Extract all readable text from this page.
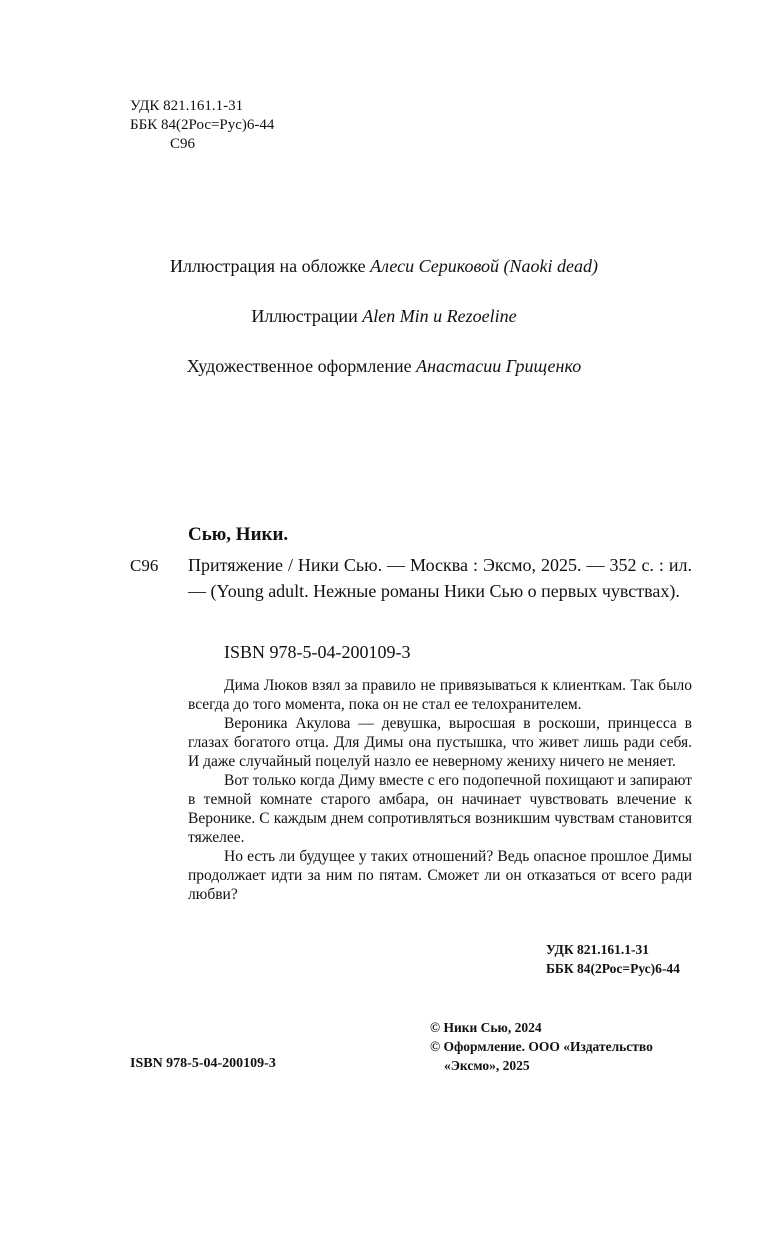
УДК 821.161.1-31
ББК 84(2Рос=Рус)6-44
С96
Иллюстрация на обложке Алеси Сериковой (Naoki dead)
Иллюстрации Alen Min и Rezoeline
Художественное оформление Анастасии Грищенко
Сью, Ники.
С96 Притяжение / Ники Сью. — Москва : Эксмо, 2025. — 352 с. : ил. — (Young adult. Нежные романы Ники Сью о первых чувствах).
ISBN 978-5-04-200109-3

Дима Люков взял за правило не привязываться к клиенткам. Так было всегда до того момента, пока он не стал ее телохранителем.

Вероника Акулова — девушка, выросшая в роскоши, принцесса в глазах богатого отца. Для Димы она пустышка, что живет лишь ради себя. И даже случайный поцелуй назло ее неверному жениху ничего не меняет.

Вот только когда Диму вместе с его подопечной похищают и запирают в темной комнате старого амбара, он начинает чувствовать влечение к Веронике. С каждым днем сопротивляться возникшим чувствам становится тяжелее.

Но есть ли будущее у таких отношений? Ведь опасное прошлое Димы продолжает идти за ним по пятам. Сможет ли он отказаться от всего ради любви?

УДК 821.161.1-31
ББК 84(2Рос=Рус)6-44
© Ники Сью, 2024
© Оформление. ООО «Издательство
«Эксмо», 2025
ISBN 978-5-04-200109-3
